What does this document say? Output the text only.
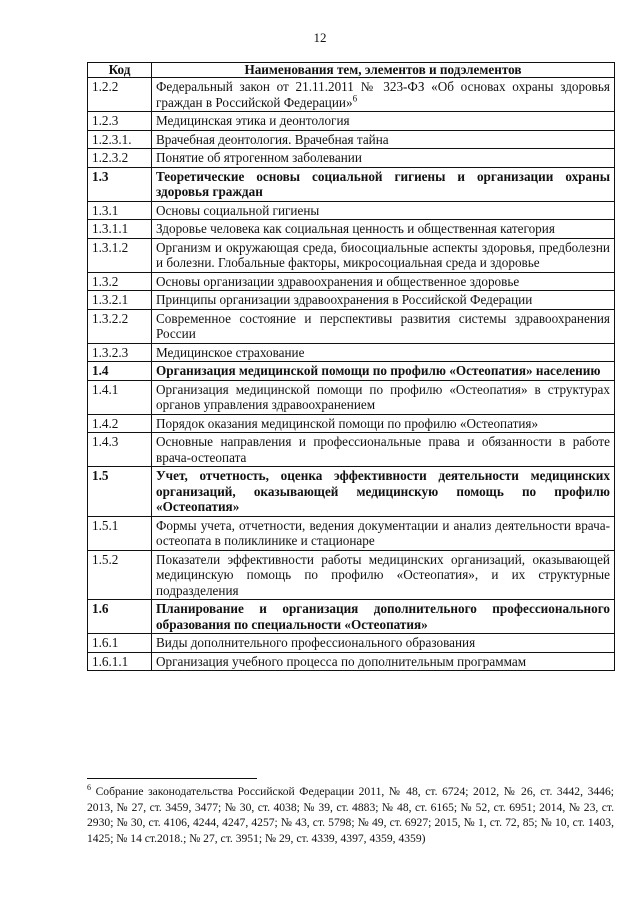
12
Код	Наименования тем, элементов и подэлементов
1.2.2	Федеральный закон от 21.11.2011 № 323-ФЗ «Об основах охраны здоровья граждан в Российской Федерации»$^6$
1.2.3	Медицинская этика и деонтология
1.2.3.1.	Врачебная деонтология. Врачебная тайна
1.2.3.2	Понятие об ятрогенном заболевании
1.3	Теоретические основы социальной гигиены и организации охраны здоровья граждан
1.3.1	Основы социальной гигиены
1.3.1.1	Здоровье человека как социальная ценность и общественная категория
1.3.1.2	Организм и окружающая среда, биосоциальные аспекты здоровья, предболезни и болезни. Глобальные факторы, микросоциальная среда и здоровье
1.3.2	Основы организации здравоохранения и общественное здоровье
1.3.2.1	Принципы организации здравоохранения в Российской Федерации
1.3.2.2	Современное состояние и перспективы развития системы здравоохранения России
1.3.2.3	Медицинское страхование
1.4	Организация медицинской помощи по профилю «Остеопатия» населению
1.4.1	Организация медицинской помощи по профилю «Остеопатия» в структурах органов управления здравоохранением
1.4.2	Порядок оказания медицинской помощи по профилю «Остеопатия»
1.4.3	Основные направления и профессиональные права и обязанности в работе врача-остеопата
1.5	Учет, отчетность, оценка эффективности деятельности медицинских организаций, оказывающей медицинскую помощь по профилю «Остеопатия»
1.5.1	Формы учета, отчетности, ведения документации и анализ деятельности врача-остеопата в поликлинике и стационаре
1.5.2	Показатели эффективности работы медицинских организаций, оказывающей медицинскую помощь по профилю «Остеопатия», и их структурные подразделения
1.6	Планирование и организация дополнительного профессионального образования по специальности «Остеопатия»
1.6.1	Виды дополнительного профессионального образования
1.6.1.1	Организация учебного процесса по дополнительным программам
$^6$ Собрание законодательства Российской Федерации 2011, № 48, ст. 6724; 2012, № 26, ст. 3442, 3446; 2013, № 27, ст. 3459, 3477; № 30, ст. 4038; № 39, ст. 4883; № 48, ст. 6165; № 52, ст. 6951; 2014, № 23, ст. 2930; № 30, ст. 4106, 4244, 4247, 4257; № 43, ст. 5798; № 49, ст. 6927; 2015, № 1, ст. 72, 85; № 10, ст. 1403, 1425; № 14 ст.2018.; № 27, ст. 3951; № 29, ст. 4339, 4397, 4359, 4359)
